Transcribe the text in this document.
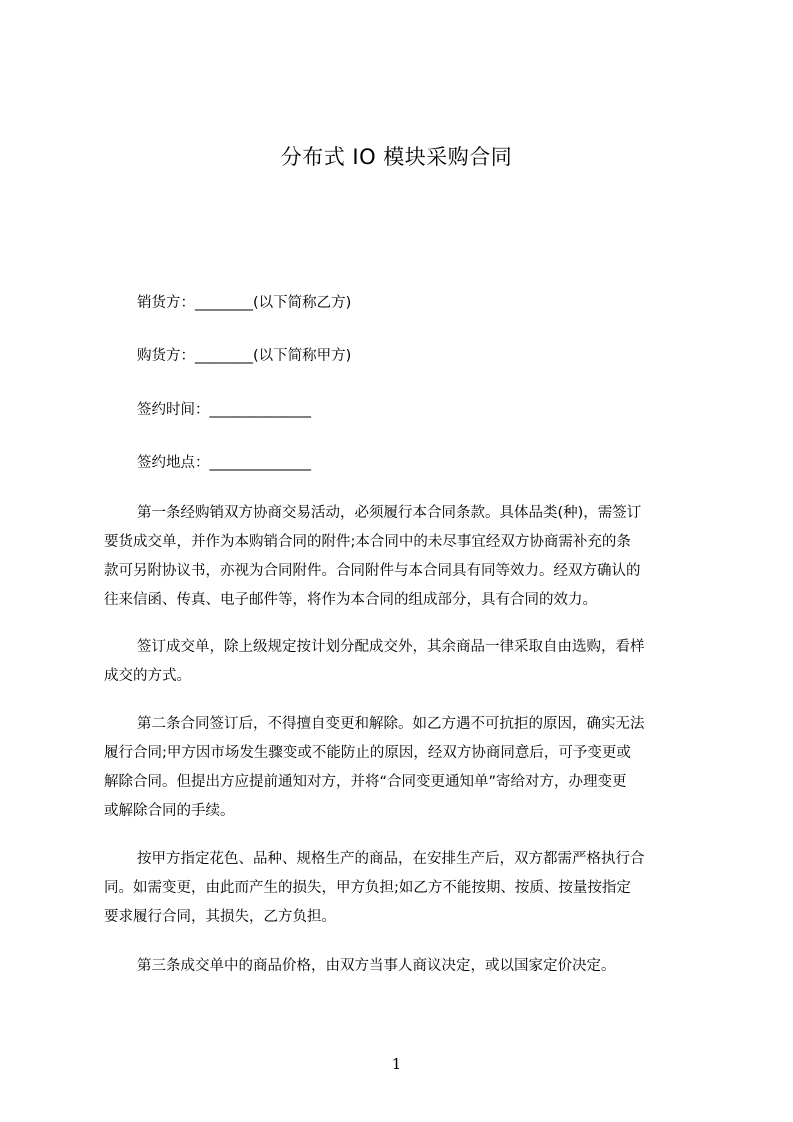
分布式 IO 模块采购合同
销货方：________(以下简称乙方)
购货方：________(以下简称甲方)
签约时间：______________
签约地点：______________
第一条经购销双方协商交易活动，必须履行本合同条款。具体品类(种)，需签订
要货成交单，并作为本购销合同的附件;本合同中的未尽事宜经双方协商需补充的条
款可另附协议书，亦视为合同附件。合同附件与本合同具有同等效力。经双方确认的
往来信函、传真、电子邮件等，将作为本合同的组成部分，具有合同的效力。
签订成交单，除上级规定按计划分配成交外，其余商品一律采取自由选购，看样
成交的方式。
第二条合同签订后，不得擅自变更和解除。如乙方遇不可抗拒的原因，确实无法
履行合同;甲方因市场发生骤变或不能防止的原因，经双方协商同意后，可予变更或
解除合同。但提出方应提前通知对方，并将“合同变更通知单”寄给对方，办理变更
或解除合同的手续。
按甲方指定花色、品种、规格生产的商品，在安排生产后，双方都需严格执行合
同。如需变更，由此而产生的损失，甲方负担;如乙方不能按期、按质、按量按指定
要求履行合同，其损失，乙方负担。
第三条成交单中的商品价格，由双方当事人商议决定，或以国家定价决定。
1
